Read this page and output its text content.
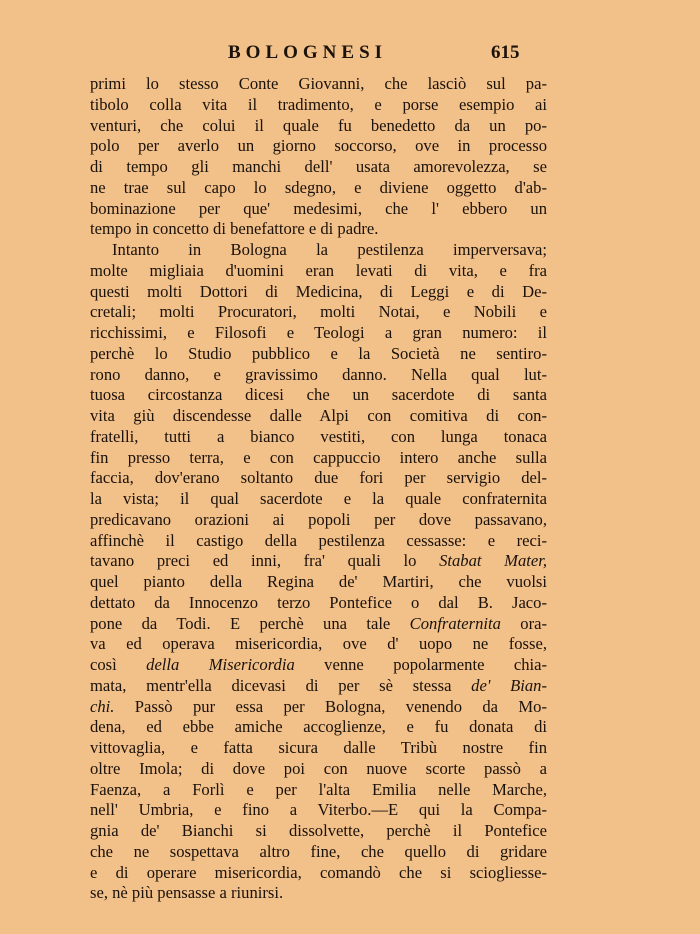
BOLOGNESI	615
primi lo stesso Conte Giovanni, che lasciò sul pa-
tibolo colla vita il tradimento, e porse esempio ai
venturi, che colui il quale fu benedetto da un po-
polo per averlo un giorno soccorso, ove in processo
di tempo gli manchi dell' usata amorevolezza, se
ne trae sul capo lo sdegno, e diviene oggetto d'ab-
bominazione per que' medesimi, che l' ebbero un
tempo in concetto di benefattore e di padre.
Intanto in Bologna la pestilenza imperversava;
molte migliaia d'uomini eran levati di vita, e fra
questi molti Dottori di Medicina, di Leggi e di De-
cretali; molti Procuratori, molti Notai, e Nobili e
ricchissimi, e Filosofi e Teologi a gran numero: il
perchè lo Studio pubblico e la Società ne sentiro-
rono danno, e gravissimo danno. Nella qual lut-
tuosa circostanza dicesi che un sacerdote di santa
vita giù discendesse dalle Alpi con comitiva di con-
fratelli, tutti a bianco vestiti, con lunga tonaca
fin presso terra, e con cappuccio intero anche sulla
faccia, dov'erano soltanto due fori per servigio del-
la vista; il qual sacerdote e la quale confraternita
predicavano orazioni ai popoli per dove passavano,
affinchè il castigo della pestilenza cessasse: e reci-
tavano preci ed inni, fra' quali lo Stabat Mater,
quel pianto della Regina de' Martiri, che vuolsi
dettato da Innocenzo terzo Pontefice o dal B. Jaco-
pone da Todi. E perchè una tale Confraternita ora-
va ed operava misericordia, ove d' uopo ne fosse,
così della Misericordia venne popolarmente chia-
mata, mentr'ella dicevasi di per sè stessa de' Bian-
chi. Passò pur essa per Bologna, venendo da Mo-
dena, ed ebbe amiche accoglienze, e fu donata di
vittovaglia, e fatta sicura dalle Tribù nostre fin
oltre Imola; di dove poi con nuove scorte passò a
Faenza, a Forlì e per l'alta Emilia nelle Marche,
nell' Umbria, e fino a Viterbo.—E qui la Compa-
gnia de' Bianchi si dissolvette, perchè il Pontefice
che ne sospettava altro fine, che quello di gridare
e di operare misericordia, comandò che si sciogliesse-
se, nè più pensasse a riunirsi.
